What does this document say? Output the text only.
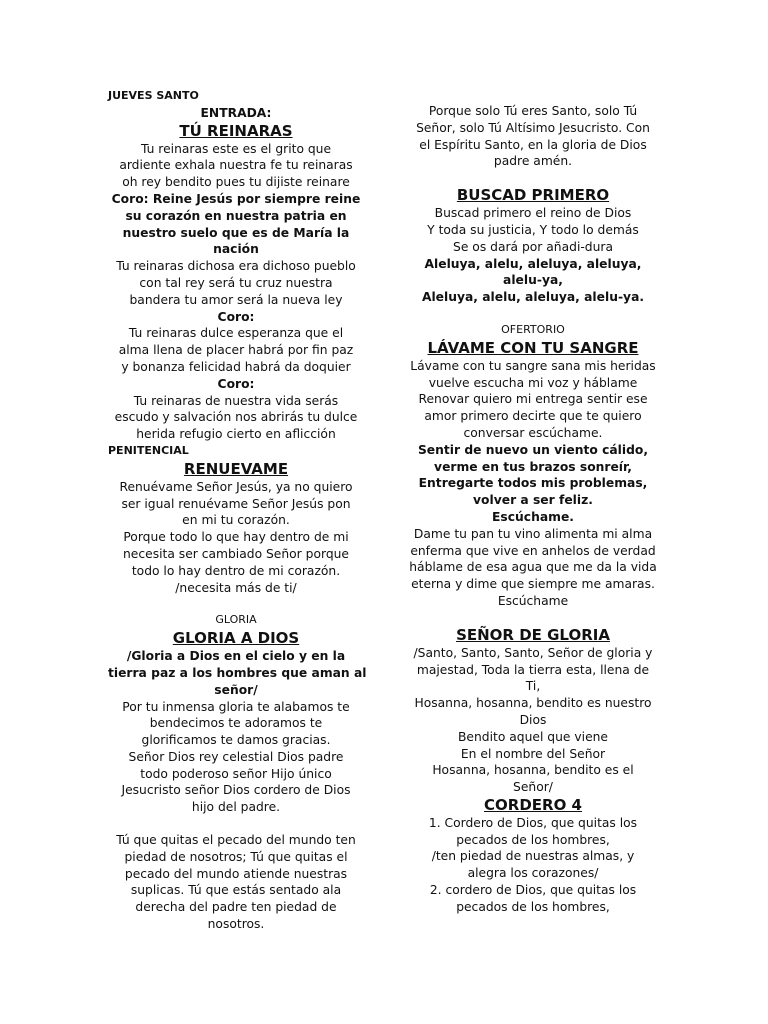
JUEVES SANTO
ENTRADA:
TÚ REINARAS
Tu reinaras este es el grito que
ardiente exhala nuestra fe tu reinaras
oh rey bendito pues tu dijiste reinare
Coro: Reine Jesús por siempre reine
su corazón en nuestra patria en
nuestro suelo que es de María la
nación
Tu reinaras dichosa era dichoso pueblo
con tal rey será tu cruz nuestra
bandera tu amor será la nueva ley
Coro:
Tu reinaras dulce esperanza que el
alma llena de placer habrá por fin paz
y bonanza felicidad habrá da doquier
Coro:
Tu reinaras de nuestra vida serás
escudo y salvación nos abrirás tu dulce
herida refugio cierto en aflicción
PENITENCIAL
RENUEVAME
Renuévame Señor Jesús, ya no quiero
ser igual renuévame Señor Jesús pon
en mi tu corazón.
Porque todo lo que hay dentro de mi
necesita ser cambiado Señor porque
todo lo hay dentro de mi corazón.
/necesita más de ti/
GLORIA
GLORIA A DIOS
/Gloria a Dios en el cielo y en la
tierra paz a los hombres que aman al
señor/
Por tu inmensa gloria te alabamos te
bendecimos te adoramos te
glorificamos te damos gracias.
Señor Dios rey celestial Dios padre
todo poderoso señor Hijo único
Jesucristo señor Dios cordero de Dios
hijo del padre.
Tú que quitas el pecado del mundo ten
piedad de nosotros; Tú que quitas el
pecado del mundo atiende nuestras
suplicas. Tú que estás sentado ala
derecha del padre ten piedad de
nosotros.
Porque solo Tú eres Santo, solo Tú
Señor, solo Tú Altísimo Jesucristo. Con
el Espíritu Santo, en la gloria de Dios
padre amén.
BUSCAD PRIMERO
Buscad primero el reino de Dios
Y toda su justicia, Y todo lo demás
Se os dará por añadi-dura
Aleluya, alelu, aleluya, aleluya,
alelu-ya,
Aleluya, alelu, aleluya, alelu-ya.
OFERTORIO
LÁVAME CON TU SANGRE
Lávame con tu sangre sana mis heridas
vuelve escucha mi voz y háblame
Renovar quiero mi entrega sentir ese
amor primero decirte que te quiero
conversar escúchame.
Sentir de nuevo un viento cálido,
verme en tus brazos sonreír,
Entregarte todos mis problemas,
volver a ser feliz.
Escúchame.
Dame tu pan tu vino alimenta mi alma
enferma que vive en anhelos de verdad
háblame de esa agua que me da la vida
eterna y dime que siempre me amaras.
Escúchame
SEÑOR DE GLORIA
/Santo, Santo, Santo, Señor de gloria y
majestad, Toda la tierra esta, llena de
Ti,
Hosanna, hosanna, bendito es nuestro
Dios
Bendito aquel que viene
En el nombre del Señor
Hosanna, hosanna, bendito es el
Señor/
CORDERO 4
1. Cordero de Dios, que quitas los
pecados de los hombres,
/ten piedad de nuestras almas, y
alegra los corazones/
2. cordero de Dios, que quitas los
pecados de los hombres,
